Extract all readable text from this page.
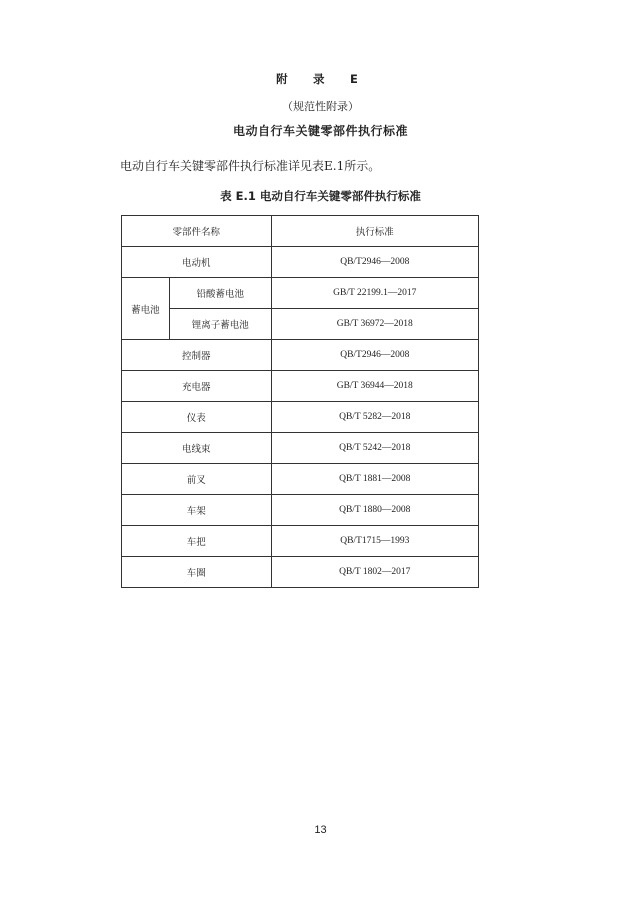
附　录　E
（规范性附录）
电动自行车关键零部件执行标准
电动自行车关键零部件执行标准详见表E.1所示。
表 E.1 电动自行车关键零部件执行标准
零部件名称		执行标准
电动机		QB/T2946—2008
蓄电池	铅酸蓄电池	GB/T 22199.1—2017
	锂离子蓄电池	GB/T 36972—2018
控制器		QB/T2946—2008
充电器		GB/T 36944—2018
仪表		QB/T 5282—2018
电线束		QB/T 5242—2018
前叉		QB/T 1881—2008
车架		QB/T 1880—2008
车把		QB/T1715—1993
车圈		QB/T 1802—2017
13
